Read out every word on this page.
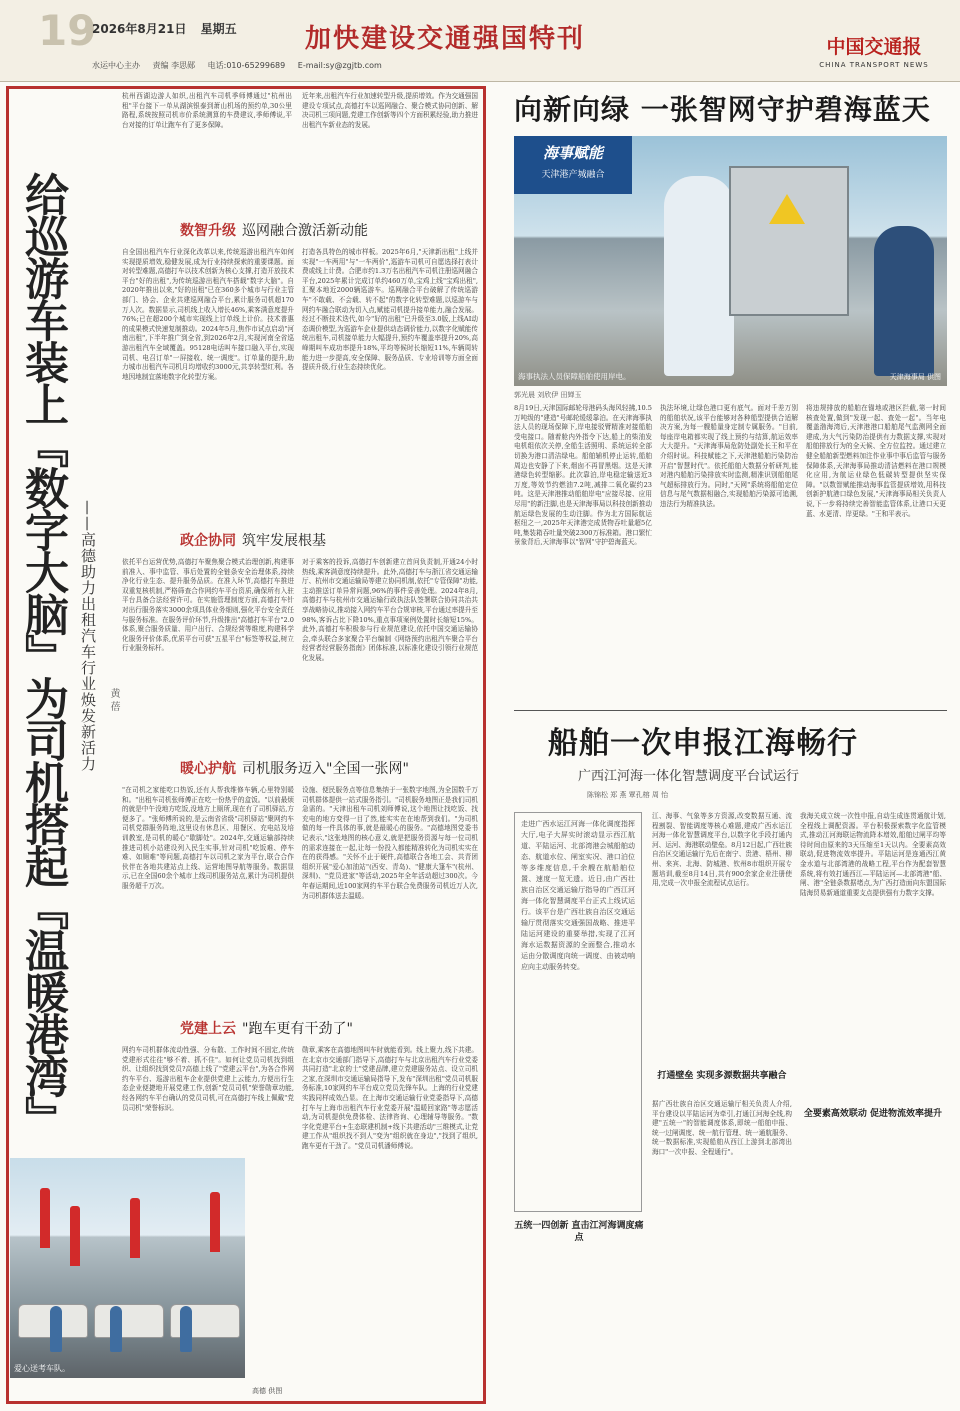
19
2026年8月21日 星期五
水运中心主办 责编 李思郧 电话:010-65299689 E-mail:sy@zgjtb.com
加快建设交通强国特刊	中国交通报
CHINA TRANSPORT NEWS
给巡游车装上『数字大脑』为司机搭起『温暖港湾』 ——高德助力出租汽车行业焕发新活力 黄 蓓
杭州西湖边游人如织,出租汽车司机季师傅通过"杭州出租"平台接下一单从湖滨银泰到萧山机场的预约单,30公里路程,系统按照司机市价系统测算的车费建议,季师傅说,平台对接的订单让跑车有了更多保障。
近年来,出租汽车行业加速转型升级,提质增效。作为交通强国建设专项试点,高德打车以巡网融合、聚合模式协同创新、解决司机三项问题,党建工作创新等四个方面积累经验,助力推进出租汽车新业态的发展。
数智升级 巡网融合激活新动能
自全国出租汽车行业深化改革以来,传统巡游出租汽车如何实现提质增效,稳健发展,成为行业持续探索的重要课题。面对转型难题,高德打车以技术创新为核心支撑,打造开放技术平台"好的出租",为传统巡游出租汽车搭载"数字大脑"。自2020年推出以来,"好的出租"已在360多个城市与行业主管部门、协会、企业共建巡网融合平台,累计服务司机超170万人次。数据显示,司机线上收入增长46%,乘客满意度提升76%;已在超200个城市实现线上订单线上计价。技术普惠的成果模式快速复制推动。2024年5月,焦作市试点启动"河南出租",下半年推广到全省,到2026年2月,实现河南全省巡游出租汽车全域覆盖。95128电话叫车接口融入平台,实现司机、电召订单"一屏接收、统一调度"。订单量的提升,助力城市出租汽车司机月均增收约3000元,共享转型红利。各地因地制宜落地数字化转型方案。
打造各具特色的城市样板。2025年6月,"天津新出租"上线并实现"一车两用"与"一车两价",巡游车司机可自愿选择打表计费或线上计费。合肥市约1.3万名出租汽车司机注册巡网融合平台,2025年累计完成订单约460万单,宝鸡上线"宝鸡出租",汇聚本地近2000辆巡游车。巡网融合平台破解了传统巡游车"不敢载、不会载、转不起"的数字化转型难题,以巡游车与网约车融合联动为切入点,赋能司机提升接单能力,融合发展。经过不断技术迭代,如今"好的出租"已升级至3.0版,上线AI动态调价模型,为巡游车企业提供动态调价能力,以数字化赋能传统出租车,司机接单能力大幅提升,预约车覆盖率提升20%,高峰期叫车成功率提升18%,平均等候时长缩短11%,车辆周转能力进一步提高,安全保障、服务品质、专业培训等方面全面提质升级,行业生态持续优化。
政企协同 筑牢发展根基
依托平台运营优势,高德打车聚焦聚合模式治理创新,构建事前准入、事中监管、事后处置的全链条安全治理体系,持续净化行业生态、提升服务品质。在准入环节,高德打车推进双重复核机制,严格筛查合作网约车平台资质,确保所有入驻平台具备合法经营许可。在实施管理制度方面,高德打车针对出行服务落实3000余项具体业务细则,强化平台安全责任与服务标准。在服务评价环节,升级推出"高德打车平台"2.0体系,聚合服务质量、用户出行、合规经营等维度,构建科学化服务评价体系,优质平台可获"五星平台"标签等权益,树立行业服务标杆。
对于乘客的投诉,高德打车创新建立首问负责制,开通24小时热线,乘客满意度持续提升。此外,高德打车与浙江省交通运输厅、杭州市交通运输局等建立协同机制,依托"专管保障"功能,主动推送订单异常问题,96%的事件妥善处理。2024年8月,高德打车与杭州市交通运输行政执法队签署联合协同共治共享战略协议,推动接入网约车平台合规审核,平台通过率提升至98%,客诉占比下降10%,重点事项案例处置时长缩短15%。此外,高德打车积极参与行业规范建设,依托中国交通运输协会,牵头联合多家聚合平台编制《网络预约出租汽车聚合平台经营者经营服务指南》团体标准,以标准化建设引领行业规范化发展。
暖心护航 司机服务迈入"全国一张网"
"在司机之家能吃口热饭,还有人帮我维修车辆,心里特别暖和。"出租车司机张师傅正在吃一份热乎的盒饭。"以前最烦的就是中午没地方吃饭,没地方上厕所,现在有了司机驿站,方便多了。"张师傅所说的,是云南省省级"司机驿站"聚网约车司机党群服务阵地,这里设有休息区、用餐区、充电站及培训教室,是司机的暖心"歇脚处"。2024年,交通运输部持续推进司机小站建设列入民生实事,针对司机"吃饭难、停车难、如厕难"等问题,高德打车以司机之家为平台,联合合作伙伴在各地共建站点上线、运营地图导航等服务。数据显示,已在全国60余个城市上线司机服务站点,累计为司机提供服务超千万次。
设施、便民服务点等信息集纳于一张数字地图,为全国数千万司机群体提供一站式服务指引。"司机服务地图正是我们司机急需的。"天津出租车司机刘师傅说,这个地图让找吃饭、找充电的地方变得一目了然,能实实在在地帮到我们。"为司机做的每一件具体的事,就是最暖心的服务。"高德地图党委书记表示,"这张地图的核心意义,就是把服务资源与每一位司机的需求连接在一起,让每一份投入都能精准转化为司机实实在在的获得感。"关怀不止于硬件,高德联合各地工会、共青团组织开展"爱心加油站"(西安、青岛)、"健康大篷车"(杭州、深圳)、"党员进家"等活动,2025年全年活动超过300次。今年春运期间,近100家网约车平台联合免费服务司机近万人次,为司机群体送去温暖。
党建上云 "跑车更有干劲了"
网约车司机群体流动性强、分布散、工作时间不固定,传统党建形式往往"够不着、抓不住"。如何让党员司机找到组织、让组织找到党员?高德上线了"党建云平台",为各合作网约车平台、巡游出租车企业提供党建上云能力,方便出行生态企业便捷地开展党建工作,创新"党员司机"荣誉勋章功能,经各网约车平台确认的党员司机,可在高德打车线上佩戴"党员司机"荣誉标识。
勋章,乘客在高德地图叫车时就能看到。线上聚力,线下共建。在北京市交通部门指导下,高德打车与北京出租汽车行业党委共同打造"北京的士"党建品牌,建立党建服务站点、设立司机之家,在深圳市交通运输局指导下,发布"深圳出租"党员司机服务标准,10家网约车平台成立党员先锋车队。上海的行业党建实践同样成效凸显。在上海市交通运输行业党委指导下,高德打车与上海市出租汽车行业党委开展"温暖回家路"等志愿活动,为司机提供免费体检、法律咨询、心理辅导等服务。"数字化党建平台+生态联建机制+线下共建活动"三维模式,让党建工作从"组织找不到人"变为"组织就在身边","找到了组织,跑车更有干劲了。"党员司机潘师傅说。
爱心送考车队。
高德 供图
向新向绿 一张智网守护碧海蓝天
海事赋能
天津港产城融合
海事执法人员保障船舶使用岸电。	天津海事局 供图
郭光晨 刘欣伊 田婵玉
8月19日,天津国际邮轮母港码头海风轻拂,10.5万吨级的"建造"号邮轮缓缓靠泊。在天津海事执法人员的现场保障下,岸电接驳臂精准对接船舶受电接口。随着舱内外指令下达,船上的柴油发电机组依次关停,全船生活照明、系统运转全部切换为港口清洁绿电。船舶辅机停止运转,船舶周边也安静了下来,烟囱不再冒黑烟。这是天津港绿色转型缩影。此次靠泊,岸电稳定输送近3万度,等效节约燃油7.2吨,减排二氧化碳约23吨。这是天津港推动船舶岸电"应接尽接、应用尽用"的新注脚,也是天津海事局以科技创新推动航运绿色发展的生动注脚。作为北方国际航运枢纽之一,2025年天津港完成货物吞吐量超5亿吨,集装箱吞吐量突破2300万标准箱。港口繁忙景象背后,天津海事以"智网"守护碧海蓝天。
执法环境,让绿色港口更有底气。面对千差万别的船舶状况,该平台能够对各种船型提供合适解决方案,为每一艘船量身定制专属服务。"目前,每座岸电箱都实现了线上预约与结算,航运效率大大提升。"天津海事局危防处副处长王和平在介绍时说。科技赋能之下,天津港船舶污染防治开启"智慧时代"。依托船舶大数据分析研判,能对港内船舶污染排放实时监测,精准识别船舶尾气超标排放行为。同时,"天网"系统将船舶定位信息与尾气数据相融合,实现船舶污染源可追溯,违法行为精准执法。
将违规排放的船舶在锚地或港区拦截,第一时间核查处置,做到"发现一起、查处一起"。当年电覆盖渤海湾后,天津港港口船舶尾气监测网全面建成,为大气污染防治提供有力数据支撑,实现对船舶排放行为的全天候、全方位监控。通过建立健全船舶新型燃料加注作业事中事后监管与服务保障体系,天津海事局推动清洁燃料在港口规模化应用,为航运业绿色低碳转型提供坚实保障。"以数智赋能推动海事监管提质增效,用科技创新护航港口绿色发展,"天津海事局相关负责人说,下一步将持续完善智能监管体系,让港口天更蓝、水更清、岸更绿。"王和平表示。
船舶一次申报江海畅行
广西江河海一体化智慧调度平台试运行
陈锦松 郑 燕 覃孔榕 周 怡
走进广西水运江河海一体化调度指挥大厅,电子大屏实时滚动显示西江航道、平陆运河、北部湾港会城船舶动态、航道水位、闸室实况、港口泊位等多维度信息,千余艘在航船舶位置、速度一览无遗。近日,由广西壮族自治区交通运输厅指导的广西江河海一体化智慧调度平台正式上线试运行。该平台是广西壮族自治区交通运输厅贯彻落实交通强国战略、推进平陆运河建设的重要举措,实现了江河海水运数据资源的全面整合,推动水运由分散调度向统一调度、由被动响应向主动服务转变。
五统一四创新 直击江河海调度痛点
江、海事、气象等多方资源,改变数据互通、流程割裂、智能调度等核心难题,建成广西水运江河海一体化智慧调度平台,以数字化手段打通内河、运河、海港联动壁垒。8月12日起,广西壮族自治区交通运输厅先后在南宁、贵港、梧州、柳州、来宾、北海、防城港、钦州8市组织开展专题培训,截至8月14日,共有900余家企业注册使用,完成一次申报全流程试点运行。
打通壁垒 实现多源数据共享融合
据广西壮族自治区交通运输厅相关负责人介绍,平台建设以平陆运河为牵引,打通江河海全线,构建"五统一"的智能调度体系,即统一船舶申报、统一过闸调度、统一航行管理、统一通航服务、统一数据标准,实现船舶从西江上游到北部湾出海口"一次申报、全程通行"。
我海关成立统一次性申报,自动生成连贯通航计划,全程线上调配资源。平台积极探索数字化监管模式,推动江河海联运物流降本增效,船舶过闸平均等待时间由原来的3天压缩至1天以内。全要素高效联动,促进物流效率提升。平陆运河是连通西江黄金水道与北部湾港的战略工程,平台作为配套智慧系统,将有效打通西江—平陆运河—北部湾港"船、闸、港"全链条数据堵点,为广西打造面向东盟国际陆海贸易新通道重要支点提供强有力数字支撑。
全要素高效联动 促进物流效率提升
